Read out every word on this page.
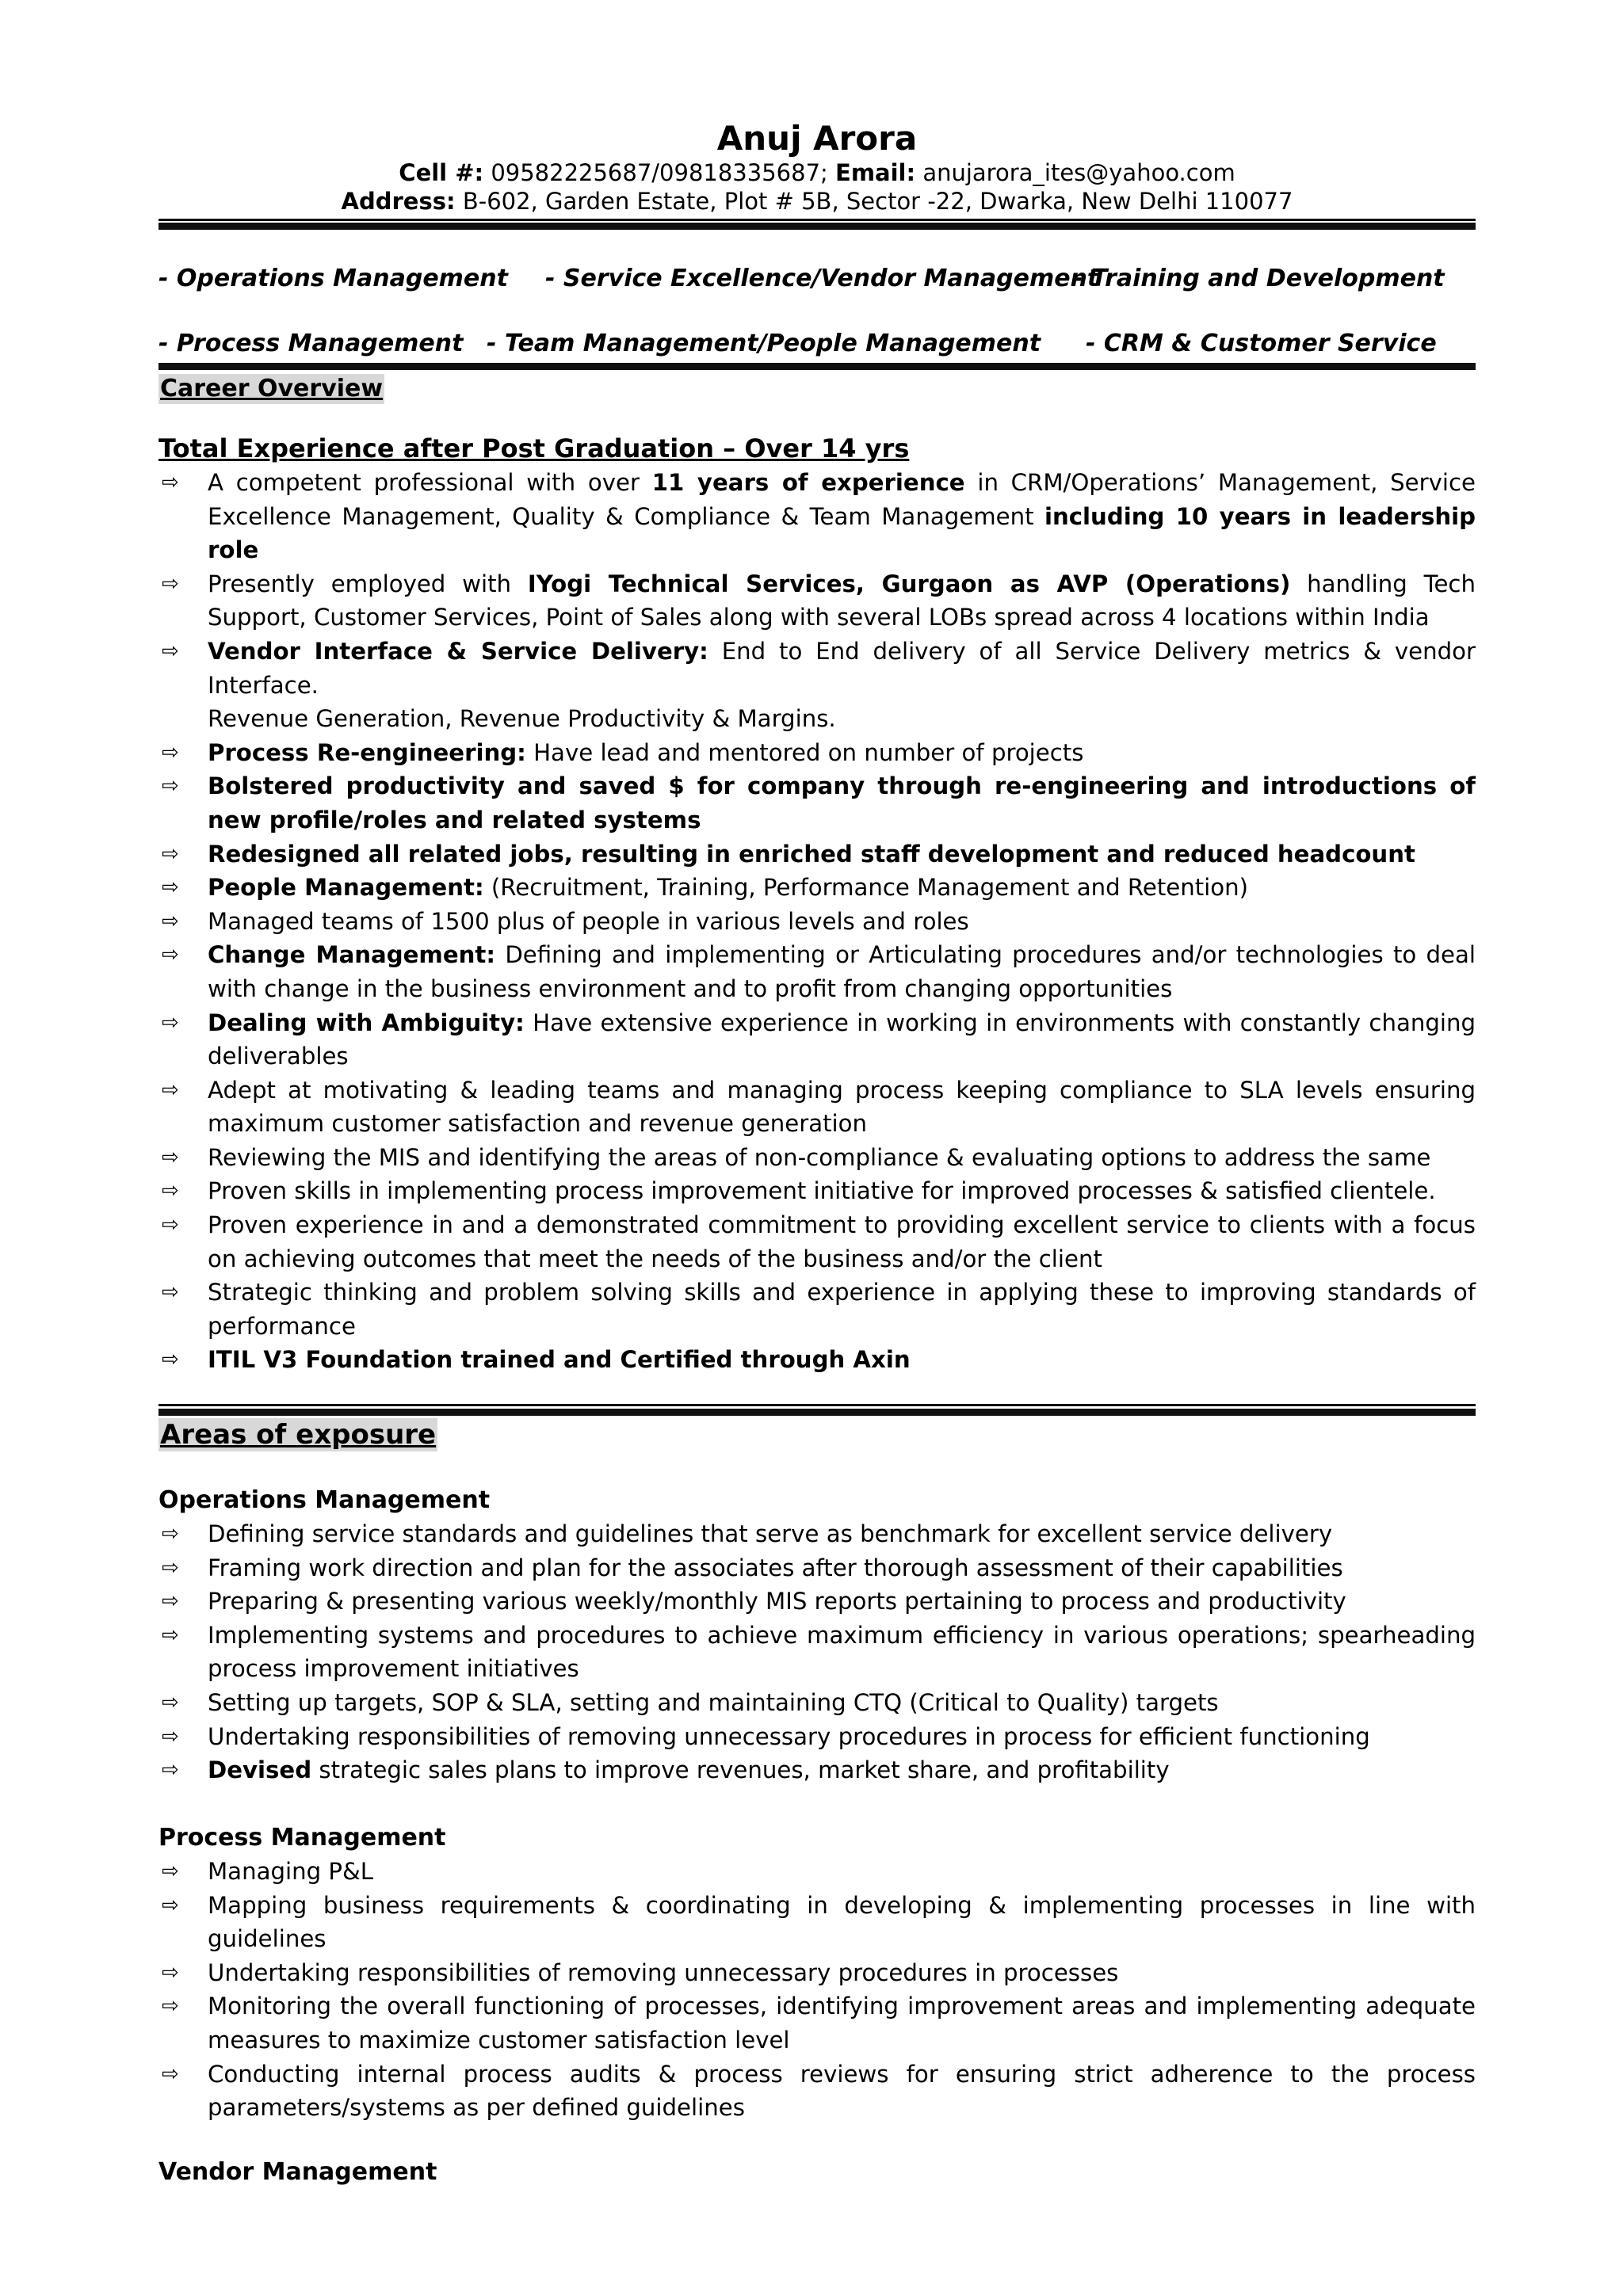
Anuj Arora
Cell #: 09582225687/09818335687; Email: anujarora_ites@yahoo.com
Address: B-602, Garden Estate, Plot # 5B, Sector -22, Dwarka, New Delhi 110077
- Operations Management - Service Excellence/Vendor Management
- Training and Development
- Process Management - Team Management/People Management - CRM & Customer Service
Career Overview
Total Experience after Post Graduation – Over 14 yrs
⇨ A competent professional with over 11 years of experience in CRM/Operations’ Management, Service Excellence Management, Quality & Compliance & Team Management including 10 years in leadership role
⇨ Presently employed with IYogi Technical Services, Gurgaon as AVP (Operations) handling Tech Support, Customer Services, Point of Sales along with several LOBs spread across 4 locations within India
⇨ Vendor Interface & Service Delivery: End to End delivery of all Service Delivery metrics & vendor Interface.
Revenue Generation, Revenue Productivity & Margins.
⇨ Process Re-engineering: Have lead and mentored on number of projects
⇨ Bolstered productivity and saved $ for company through re-engineering and introductions of new profile/roles and related systems
⇨ Redesigned all related jobs, resulting in enriched staff development and reduced headcount
⇨ People Management: (Recruitment, Training, Performance Management and Retention)
⇨ Managed teams of 1500 plus of people in various levels and roles
⇨ Change Management: Defining and implementing or Articulating procedures and/or technologies to deal with change in the business environment and to profit from changing opportunities
⇨ Dealing with Ambiguity: Have extensive experience in working in environments with constantly changing deliverables
⇨ Adept at motivating & leading teams and managing process keeping compliance to SLA levels ensuring maximum customer satisfaction and revenue generation
⇨ Reviewing the MIS and identifying the areas of non-compliance & evaluating options to address the same
⇨ Proven skills in implementing process improvement initiative for improved processes & satisfied clientele.
⇨ Proven experience in and a demonstrated commitment to providing excellent service to clients with a focus on achieving outcomes that meet the needs of the business and/or the client
⇨ Strategic thinking and problem solving skills and experience in applying these to improving standards of performance
⇨ ITIL V3 Foundation trained and Certified through Axin
Areas of exposure
Operations Management
⇨ Defining service standards and guidelines that serve as benchmark for excellent service delivery
⇨ Framing work direction and plan for the associates after thorough assessment of their capabilities
⇨ Preparing & presenting various weekly/monthly MIS reports pertaining to process and productivity
⇨ Implementing systems and procedures to achieve maximum efficiency in various operations; spearheading process improvement initiatives
⇨ Setting up targets, SOP & SLA, setting and maintaining CTQ (Critical to Quality) targets
⇨ Undertaking responsibilities of removing unnecessary procedures in process for efficient functioning
⇨ Devised strategic sales plans to improve revenues, market share, and profitability
Process Management
⇨ Managing P&L
⇨ Mapping business requirements & coordinating in developing & implementing processes in line with guidelines
⇨ Undertaking responsibilities of removing unnecessary procedures in processes
⇨ Monitoring the overall functioning of processes, identifying improvement areas and implementing adequate measures to maximize customer satisfaction level
⇨ Conducting internal process audits & process reviews for ensuring strict adherence to the process parameters/systems as per defined guidelines
Vendor Management
